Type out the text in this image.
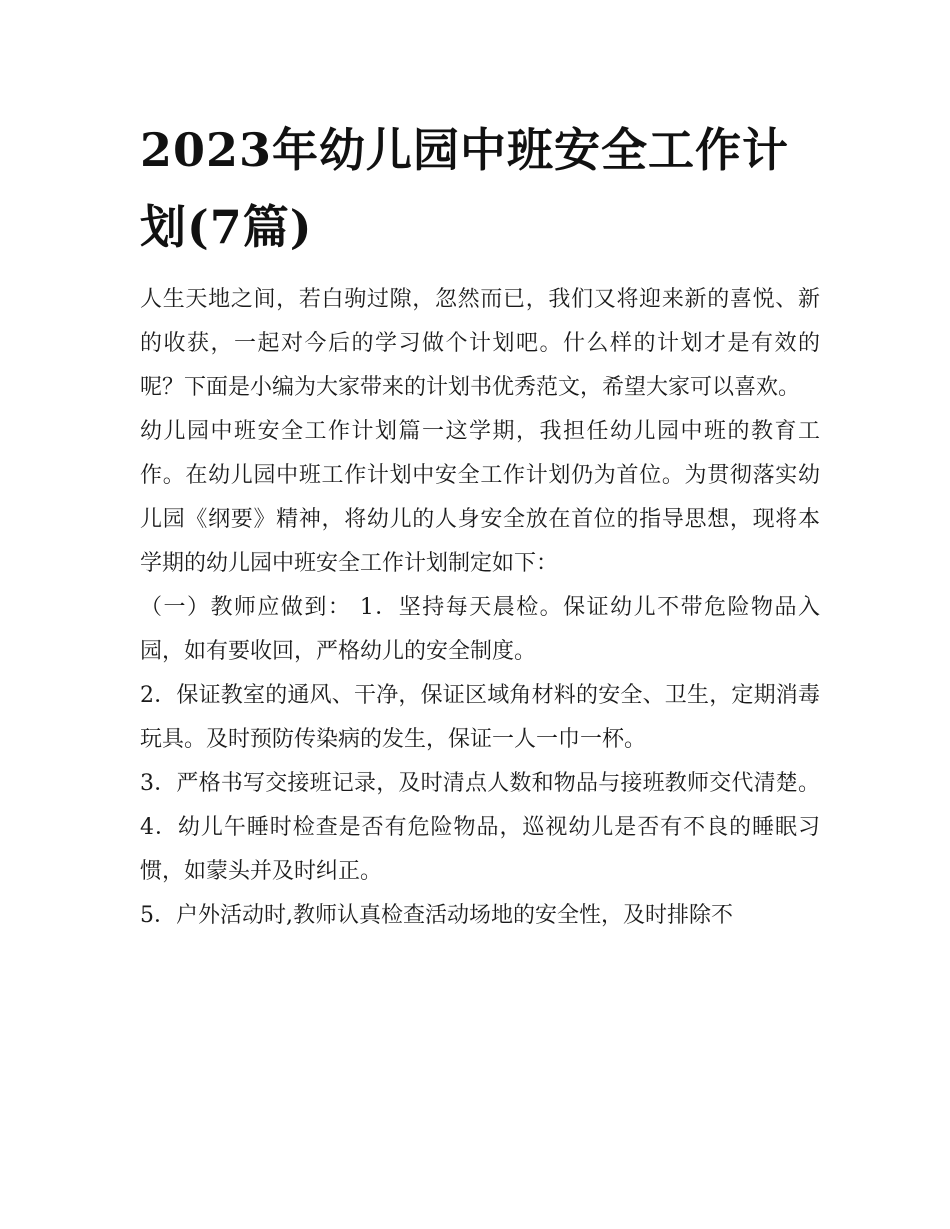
2023年幼儿园中班安全工作计划(7篇)

人生天地之间，若白驹过隙，忽然而已，我们又将迎来新的喜悦、新的收获，一起对今后的学习做个计划吧。什么样的计划才是有效的呢？下面是小编为大家带来的计划书优秀范文，希望大家可以喜欢。

幼儿园中班安全工作计划篇一这学期，我担任幼儿园中班的教育工作。在幼儿园中班工作计划中安全工作计划仍为首位。为贯彻落实幼儿园《纲要》精神，将幼儿的人身安全放在首位的指导思想，现将本学期的幼儿园中班安全工作计划制定如下：

（一）教师应做到： 1．坚持每天晨检。保证幼儿不带危险物品入园，如有要收回，严格幼儿的安全制度。

2．保证教室的通风、干净，保证区域角材料的安全、卫生，定期消毒玩具。及时预防传染病的发生，保证一人一巾一杯。

3．严格书写交接班记录，及时清点人数和物品与接班教师交代清楚。 4．幼儿午睡时检查是否有危险物品，巡视幼儿是否有不良的睡眠习惯，如蒙头并及时纠正。

5．户外活动时,教师认真检查活动场地的安全性，及时排除不
